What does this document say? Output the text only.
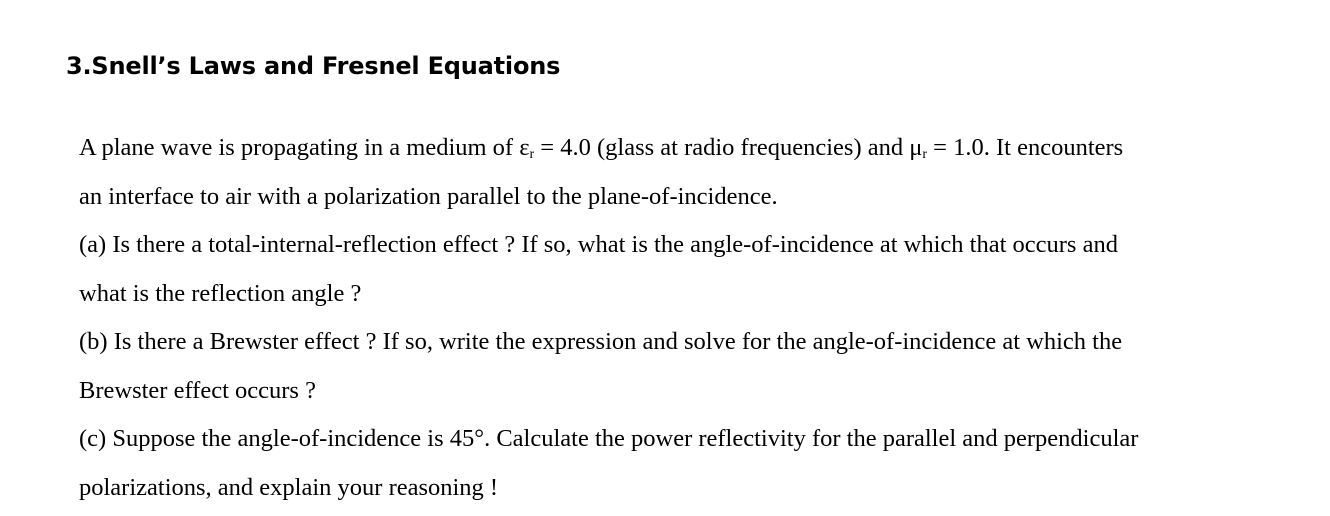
3.Snell’s Laws and Fresnel Equations
A plane wave is propagating in a medium of $\varepsilon_r = 4.0$ (glass at radio frequencies) and $\mu_r = 1.0$. It encounters
an interface to air with a polarization parallel to the plane-of-incidence.
(a) Is there a total-internal-reflection effect ? If so, what is the angle-of-incidence at which that occurs and
what is the reflection angle ?
(b) Is there a Brewster effect ? If so, write the expression and solve for the angle-of-incidence at which the
Brewster effect occurs ?
(c) Suppose the angle-of-incidence is 45°. Calculate the power reflectivity for the parallel and perpendicular
polarizations, and explain your reasoning !
